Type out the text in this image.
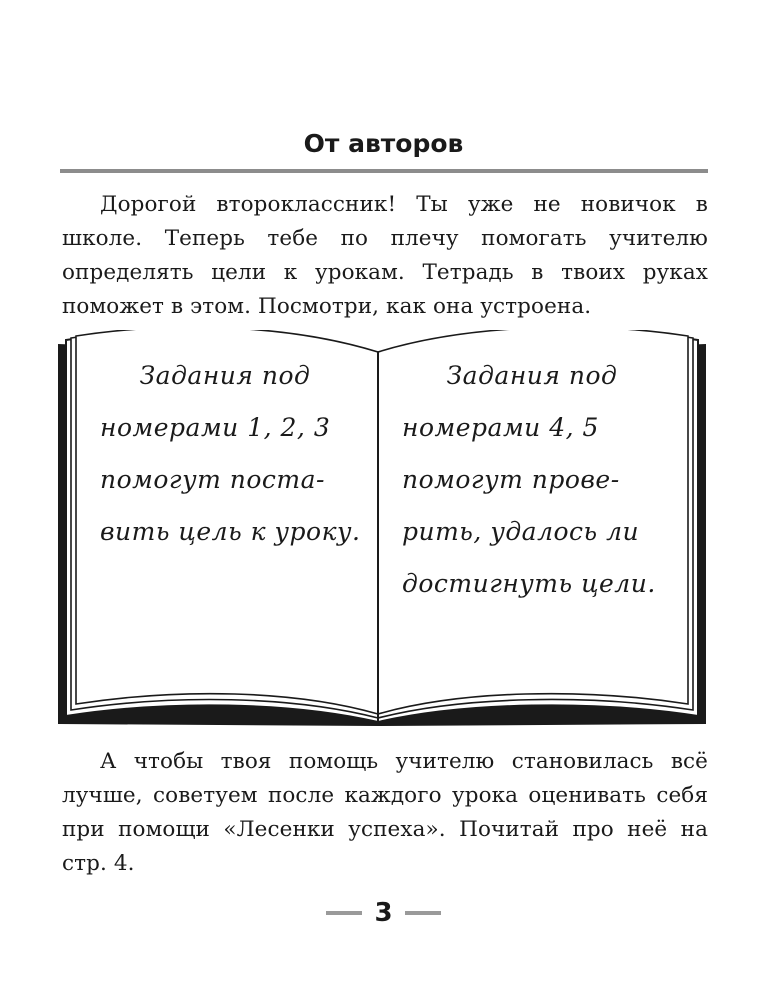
От авторов

Дорогой второклассник! Ты уже не новичок в школе. Теперь тебе по плечу помогать учителю определять цели к урокам. Тетрадь в твоих руках поможет в этом. Посмотри, как она устроена.

Задания под
номерами 1, 2, 3
помогут поста-
вить цель к уроку.
Задания под
номерами 4, 5
помогут прове-
рить, удалось ли
достигнуть цели.

А чтобы твоя помощь учителю становилась всё лучше, советуем после каждого урока оценивать себя при помощи «Лесенки успеха». Почитай про неё на стр. 4.

3
